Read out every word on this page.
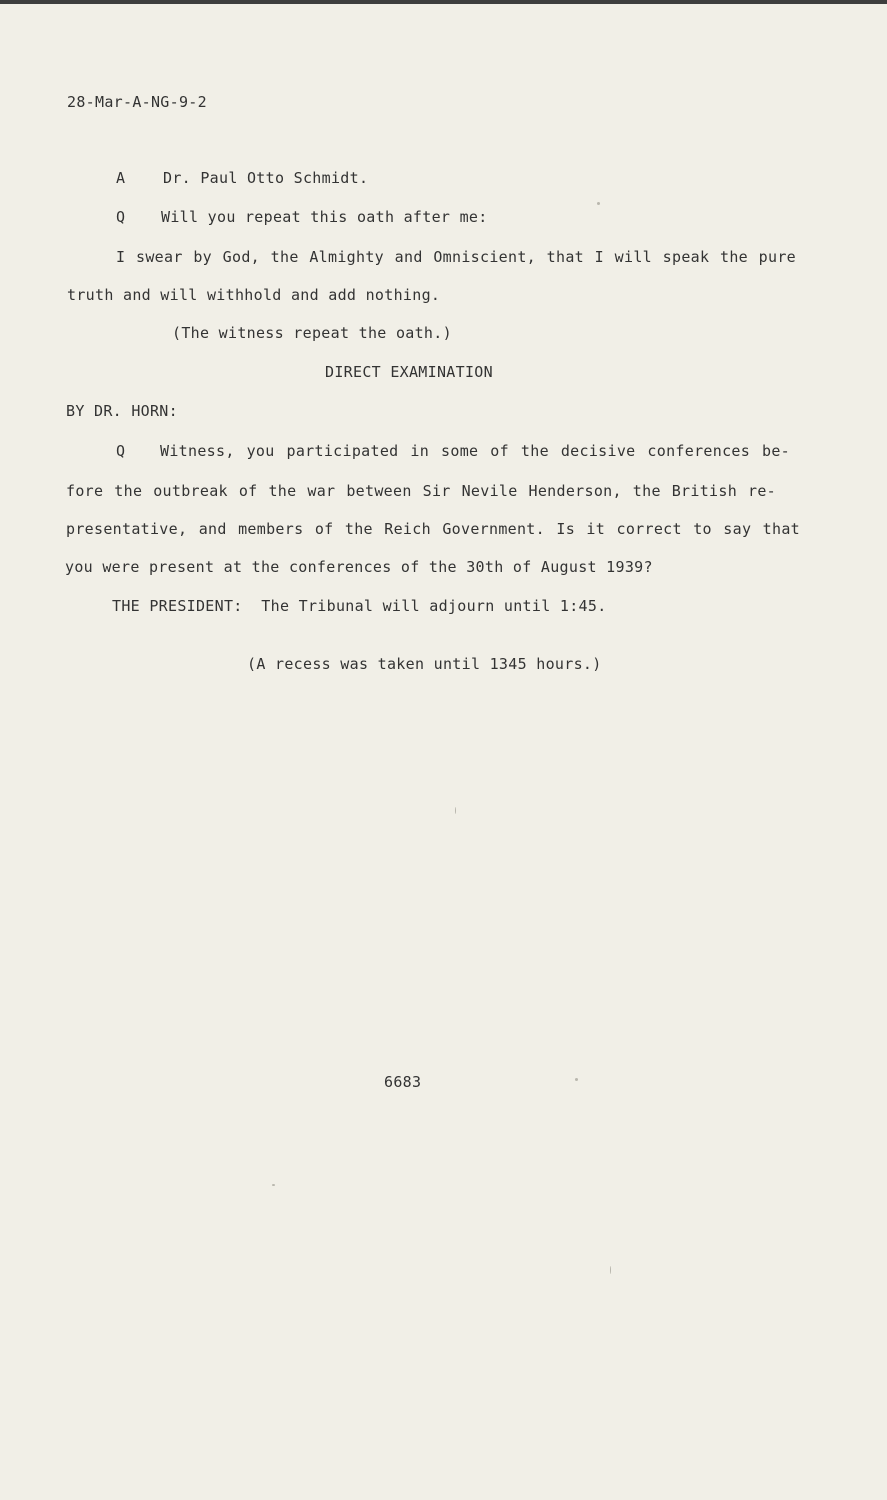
28-Mar-A-NG-9-2
A	Dr. Paul Otto Schmidt.
Q Will you repeat this oath after me:
I swear by God, the Almighty and Omniscient, that I will speak the pure
truth and will withhold and add nothing.
(The witness repeat the oath.)
DIRECT EXAMINATION
BY DR. HORN:
Q Witness, you participated in some of the decisive conferences be-
fore the outbreak of the war between Sir Nevile Henderson, the British re-
presentative, and members of the Reich Government. Is it correct to say that
you were present at the conferences of the 30th of August 1939?
THE PRESIDENT:  The Tribunal will adjourn until 1:45.
(A recess was taken until 1345 hours.)
6683
